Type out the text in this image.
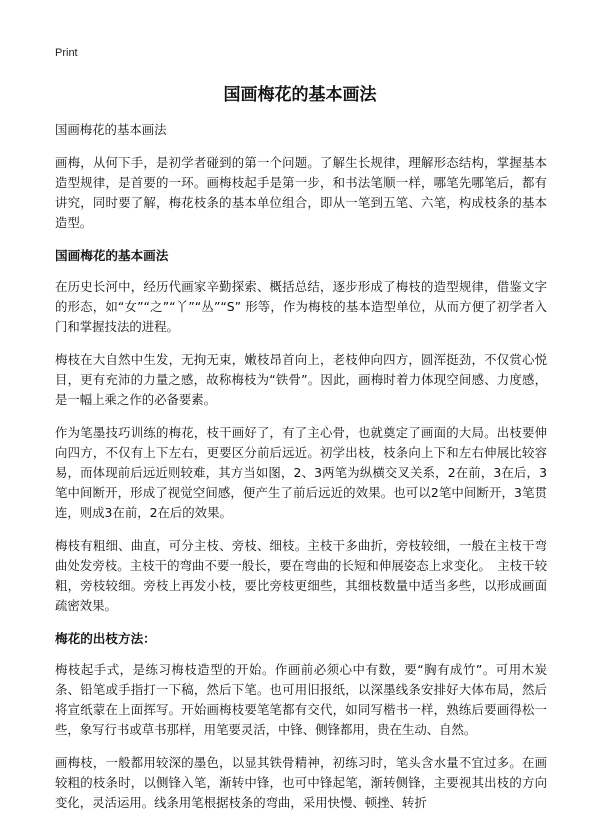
Print
国画梅花的基本画法

国画梅花的基本画法

画梅，从何下手，是初学者碰到的第一个问题。了解生长规律，理解形态结构，掌握基本造型规律，是首要的一环。画梅枝起手是第一步，和书法笔顺一样，哪笔先哪笔后，都有讲究，同时要了解，梅花枝条的基本单位组合，即从一笔到五笔、六笔，构成枝条的基本造型。

国画梅花的基本画法

在历史长河中，经历代画家辛勤探索、概括总结，逐步形成了梅枝的造型规律，借鉴文字的形态，如“女”“之”“丫”“丛”“S” 形等，作为梅枝的基本造型单位，从而方便了初学者入门和掌握技法的进程。

梅枝在大自然中生发，无拘无束，嫩枝昂首向上，老枝伸向四方，圆浑挺劲，不仅赏心悦目，更有充沛的力量之感，故称梅枝为“铁骨”。因此，画梅时着力体现空间感、力度感，是一幅上乘之作的必备要素。

作为笔墨技巧训练的梅花，枝干画好了，有了主心骨，也就奠定了画面的大局。出枝要伸向四方，不仅有上下左右，更要区分前后远近。初学出枝，枝条向上下和左右伸展比较容易，而体现前后远近则较难，其方当如图，2、3两笔为纵横交叉关系，2在前，3在后，3笔中间断开，形成了视觉空间感，便产生了前后远近的效果。也可以2笔中间断开，3笔贯连，则成3在前，2在后的效果。

梅枝有粗细、曲直，可分主枝、旁枝、细枝。主枝干多曲折，旁枝较细，一般在主枝干弯曲处发旁枝。主枝干的弯曲不要一般长，要在弯曲的长短和伸展姿态上求变化。　主枝干较粗，旁枝较细。旁枝上再发小枝，要比旁枝更细些，其细枝数量中适当多些，以形成画面疏密效果。

梅花的出枝方法：

梅枝起手式，是练习梅枝造型的开始。作画前必须心中有数，要“胸有成竹”。可用木炭条、铅笔或手指打一下稿，然后下笔。也可用旧报纸，以深墨线条安排好大体布局，然后将宣纸蒙在上面挥写。开始画梅枝要笔笔都有交代，如同写楷书一样，熟练后要画得松一些，象写行书或草书那样，用笔要灵活，中锋、侧锋都用，贵在生动、自然。

画梅枝，一般都用较深的墨色，以显其铁骨精神，初练习时，笔头含水量不宜过多。在画较粗的枝条时，以侧锋入笔，渐转中锋，也可中锋起笔，渐转侧锋，主要视其出枝的方向变化，灵活运用。线条用笔根据枝条的弯曲，采用快慢、顿挫、转折
